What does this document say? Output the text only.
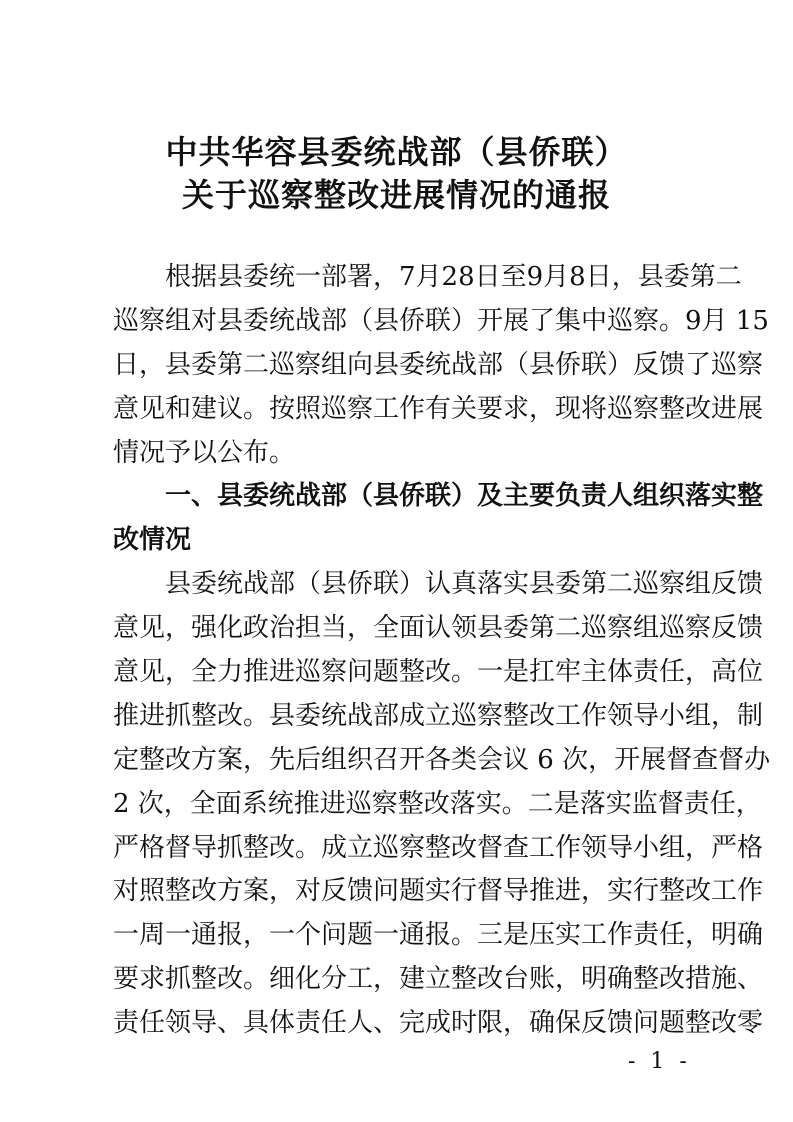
中共华容县委统战部（县侨联）
关于巡察整改进展情况的通报
根据县委统一部署，7月28日至9月8日，县委第二
巡察组对县委统战部（县侨联）开展了集中巡察。9月 15
日，县委第二巡察组向县委统战部（县侨联）反馈了巡察
意见和建议。按照巡察工作有关要求，现将巡察整改进展
情况予以公布。
一、县委统战部（县侨联）及主要负责人组织落实整
改情况
县委统战部（县侨联）认真落实县委第二巡察组反馈
意见，强化政治担当，全面认领县委第二巡察组巡察反馈
意见，全力推进巡察问题整改。一是扛牢主体责任，高位
推进抓整改。县委统战部成立巡察整改工作领导小组，制
定整改方案，先后组织召开各类会议 6 次，开展督查督办
2 次，全面系统推进巡察整改落实。二是落实监督责任，
严格督导抓整改。成立巡察整改督查工作领导小组，严格
对照整改方案，对反馈问题实行督导推进，实行整改工作
一周一通报，一个问题一通报。三是压实工作责任，明确
要求抓整改。细化分工，建立整改台账，明确整改措施、
责任领导、具体责任人、完成时限，确保反馈问题整改零
- 1 -
